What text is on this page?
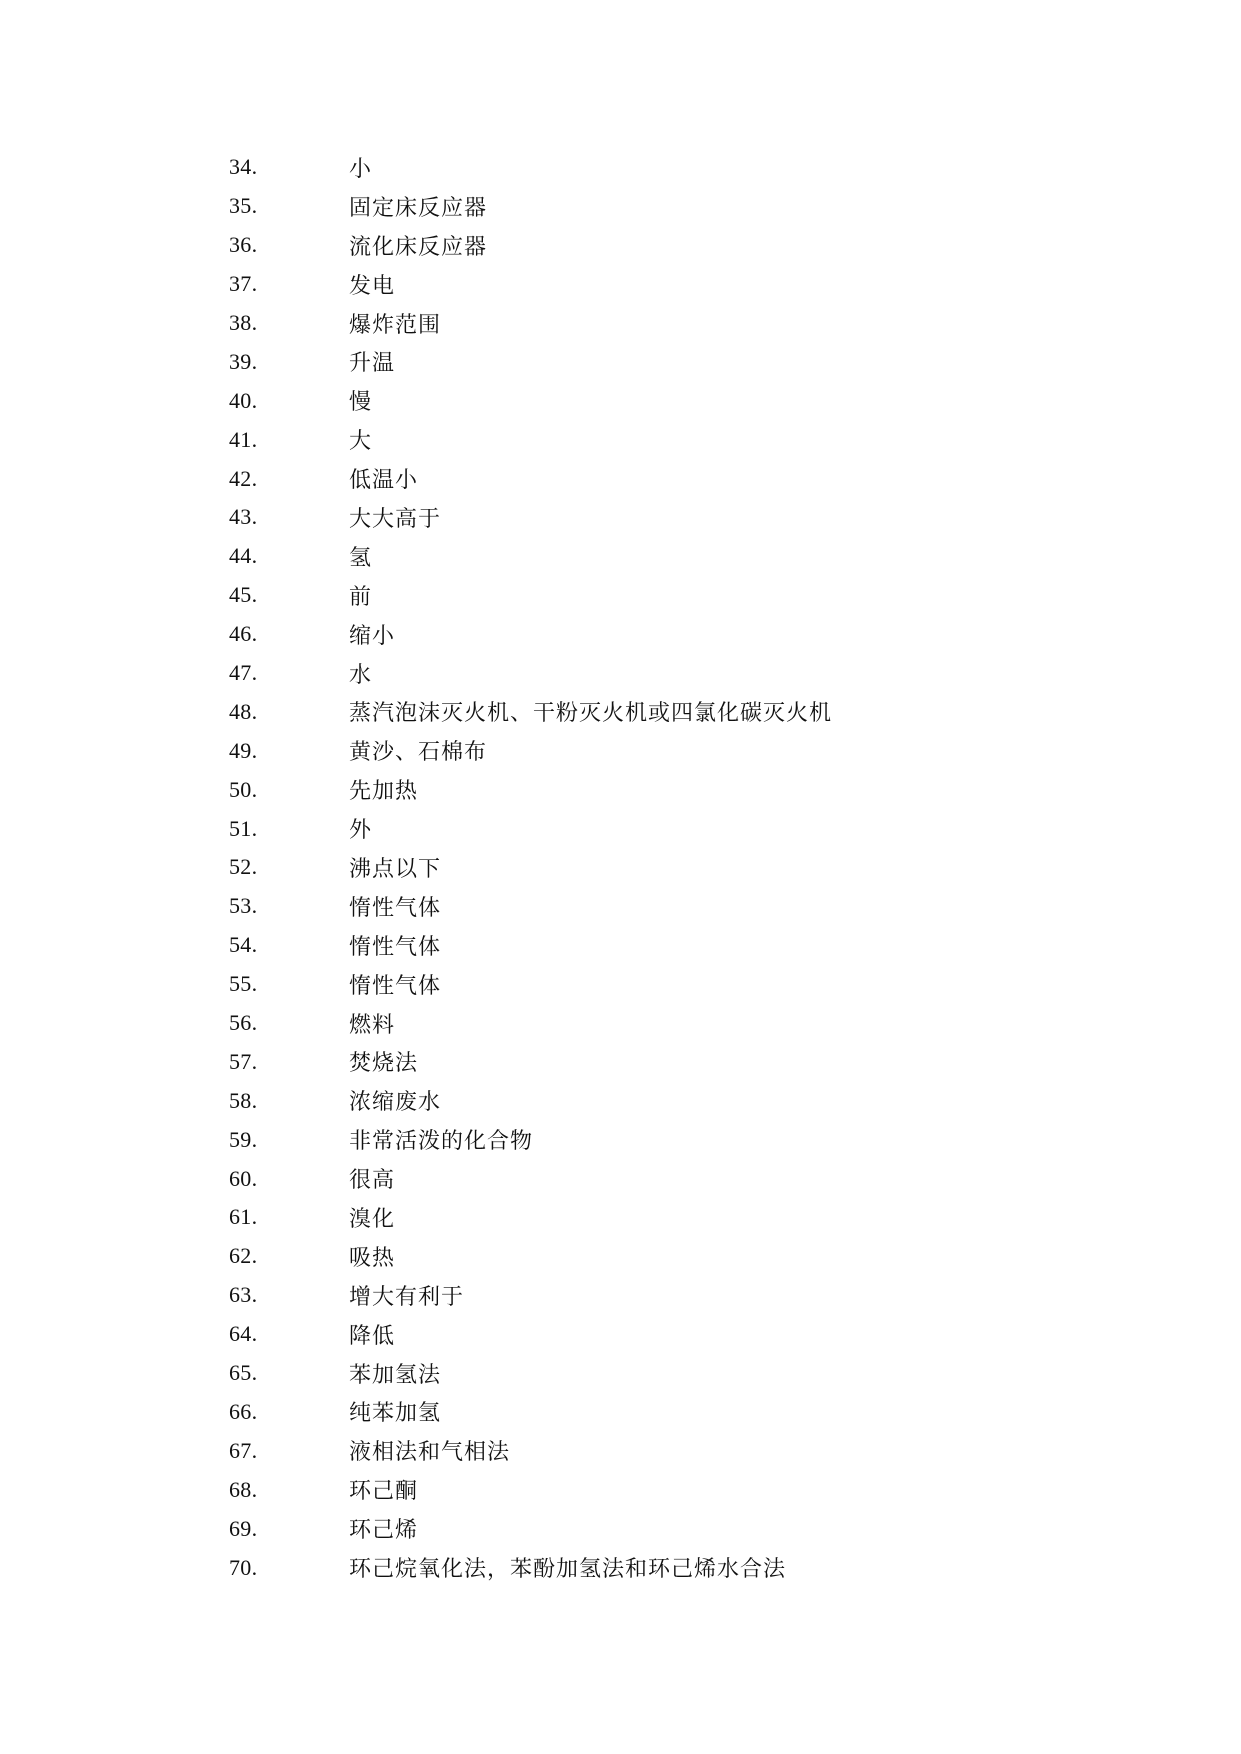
34.	小
35.	固定床反应器
36.	流化床反应器
37.	发电
38.	爆炸范围
39.	升温
40.	慢
41.	大
42.	低温小
43.	大大高于
44.	氢
45.	前
46.	缩小
47.	水
48.	蒸汽泡沫灭火机、干粉灭火机或四氯化碳灭火机
49.	黄沙、石棉布
50.	先加热
51.	外
52.	沸点以下
53.	惰性气体
54.	惰性气体
55.	惰性气体
56.	燃料
57.	焚烧法
58.	浓缩废水
59.	非常活泼的化合物
60.	很高
61.	溴化
62.	吸热
63.	增大有利于
64.	降低
65.	苯加氢法
66.	纯苯加氢
67.	液相法和气相法
68.	环己酮
69.	环己烯
70.	环己烷氧化法，苯酚加氢法和环己烯水合法
